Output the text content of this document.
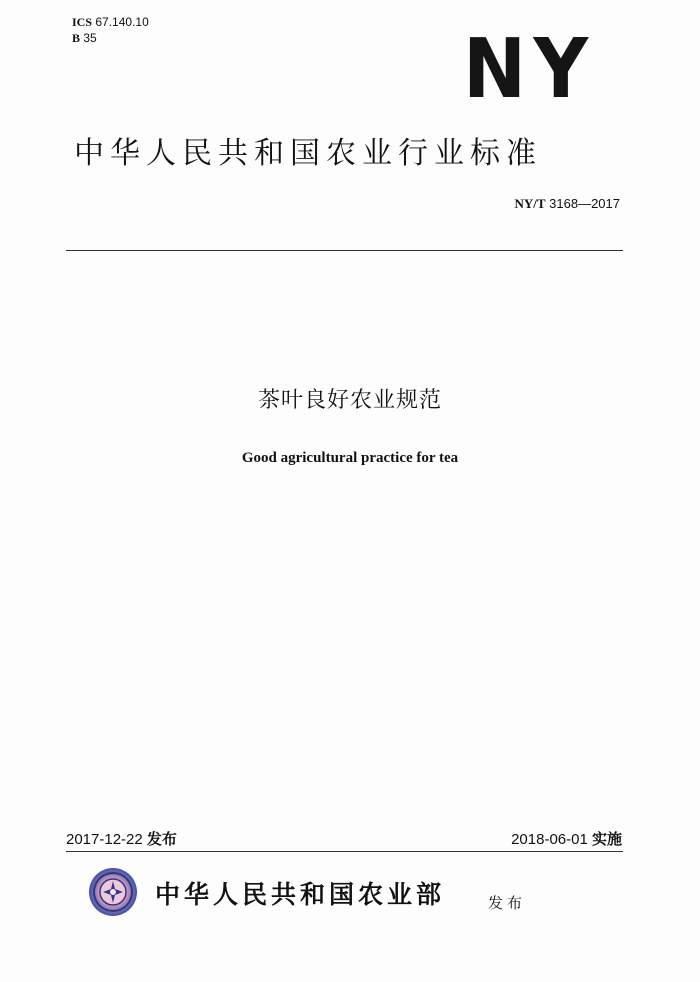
ICS 67.140.10
B 35	NY
中华人民共和国农业行业标准
NY/T 3168—2017
茶叶良好农业规范
Good agricultural practice for tea
2017-12-22 发布	2018-06-01 实施
中华人民共和国农业部	发布
